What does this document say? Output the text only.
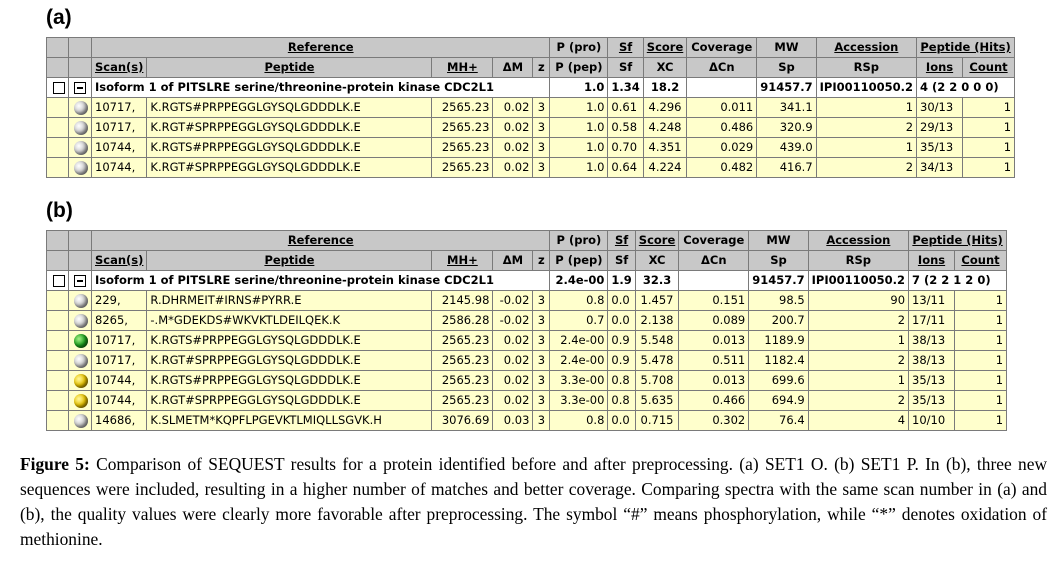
(a)
		Reference					P (pro)	Sf	Score	Coverage	MW	Accession	Peptide (Hits)	
		Scan(s)	Peptide	MH+	ΔM	z	P (pep)	Sf	XC	ΔCn	Sp	RSp	Ions	Count
		Isoform 1 of PITSLRE serine/threonine-protein kinase CDC2L1					1.0	1.34	18.2		91457.7	IPI00110050.2	4 (2 2 0 0 0)	
		10717,	K.RGTS#PRPPEGGLGYSQLGDDDLK.E	2565.23	0.02	3	1.0	0.61	4.296	0.011	341.1	1	30/13	1
		10717,	K.RGT#SPRPPEGGLGYSQLGDDDLK.E	2565.23	0.02	3	1.0	0.58	4.248	0.486	320.9	2	29/13	1
		10744,	K.RGTS#PRPPEGGLGYSQLGDDDLK.E	2565.23	0.02	3	1.0	0.70	4.351	0.029	439.0	1	35/13	1
		10744,	K.RGT#SPRPPEGGLGYSQLGDDDLK.E	2565.23	0.02	3	1.0	0.64	4.224	0.482	416.7	2	34/13	1
(b)
		Reference					P (pro)	Sf	Score	Coverage	MW	Accession	Peptide (Hits)	
		Scan(s)	Peptide	MH+	ΔM	z	P (pep)	Sf	XC	ΔCn	Sp	RSp	Ions	Count
		Isoform 1 of PITSLRE serine/threonine-protein kinase CDC2L1					2.4e-00	1.9	32.3		91457.7	IPI00110050.2	7 (2 2 1 2 0)	
		229,	R.DHRMEIT#IRNS#PYRR.E	2145.98	-0.02	3	0.8	0.0	1.457	0.151	98.5	90	13/11	1
		8265,	-.M*GDEKDS#WKVKTLDEILQEK.K	2586.28	-0.02	3	0.7	0.0	2.138	0.089	200.7	2	17/11	1
		10717,	K.RGTS#PRPPEGGLGYSQLGDDDLK.E	2565.23	0.02	3	2.4e-00	0.9	5.548	0.013	1189.9	1	38/13	1
		10717,	K.RGT#SPRPPEGGLGYSQLGDDDLK.E	2565.23	0.02	3	2.4e-00	0.9	5.478	0.511	1182.4	2	38/13	1
		10744,	K.RGTS#PRPPEGGLGYSQLGDDDLK.E	2565.23	0.02	3	3.3e-00	0.8	5.708	0.013	699.6	1	35/13	1
		10744,	K.RGT#SPRPPEGGLGYSQLGDDDLK.E	2565.23	0.02	3	3.3e-00	0.8	5.635	0.466	694.9	2	35/13	1
		14686,	K.SLMETM*KQPFLPGEVKTLMIQLLSGVK.H	3076.69	0.03	3	0.8	0.0	0.715	0.302	76.4	4	10/10	1
Figure 5: Comparison of SEQUEST results for a protein identified before and after preprocessing. (a) SET1 O. (b) SET1 P. In (b), three new sequences were included, resulting in a higher number of matches and better coverage. Comparing spectra with the same scan number in (a) and (b), the quality values were clearly more favorable after preprocessing. The symbol “#” means phosphorylation, while “*” denotes oxidation of methionine.
